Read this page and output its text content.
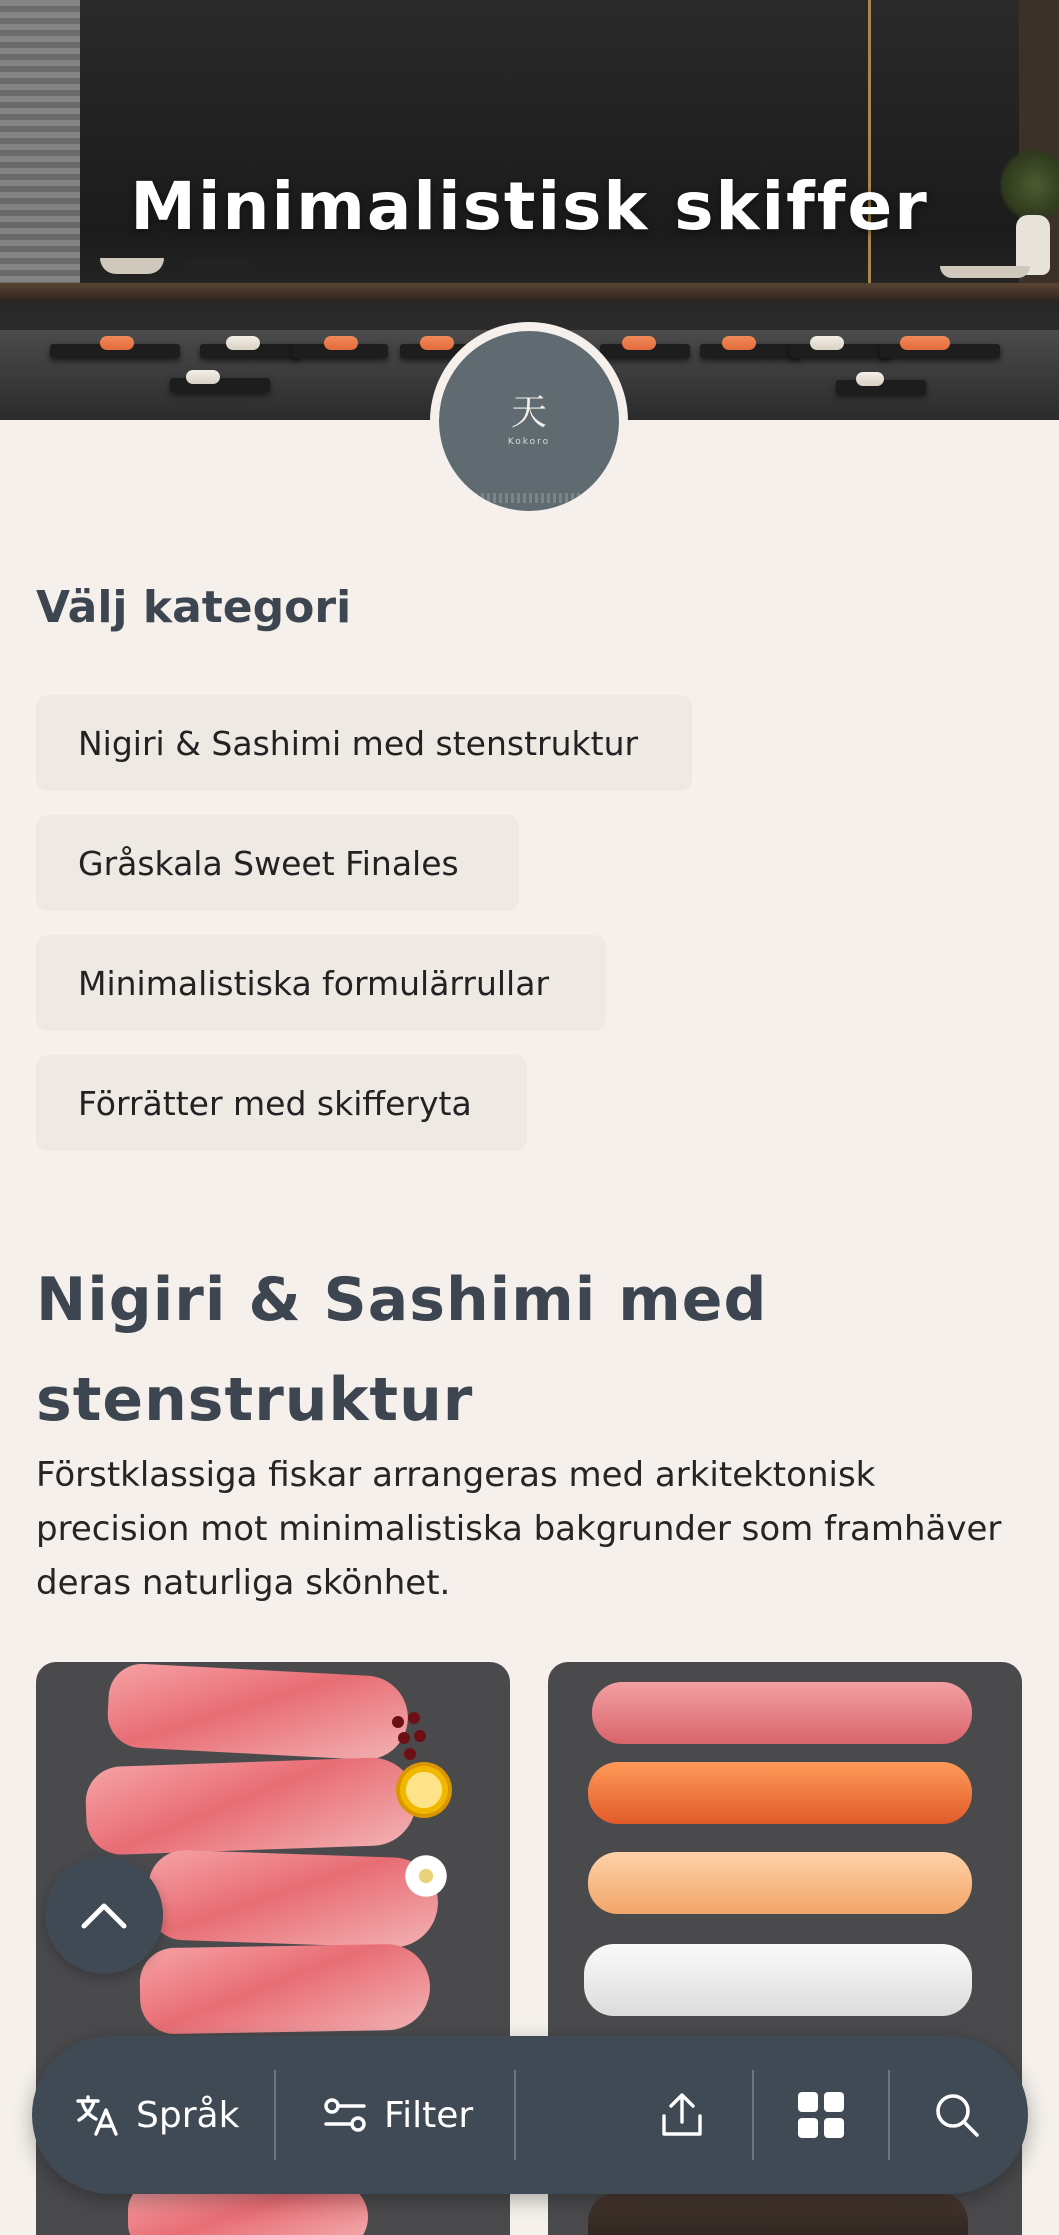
Minimalistisk skiffer
天
Kokoro
Välj kategori
Nigiri & Sashimi med stenstruktur
Gråskala Sweet Finales
Minimalistiska formulärrullar
Förrätter med skifferyta
Nigiri & Sashimi med stenstruktur

Förstklassiga fiskar arrangeras med arkitektonisk precision mot minimalistiska bakgrunder som framhäver deras naturliga skönhet.

Språk	Filter
